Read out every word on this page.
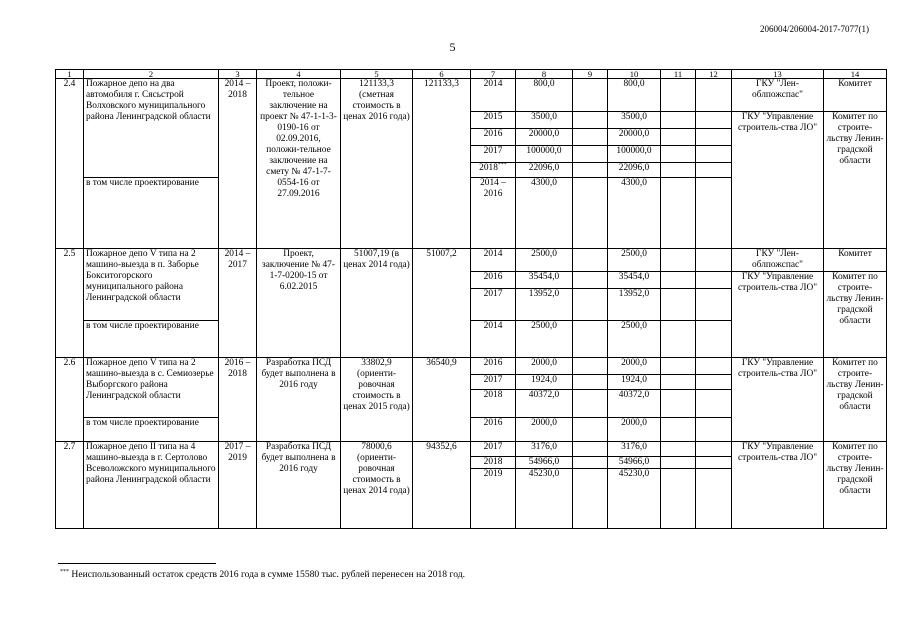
206004/206004-2017-7077(1)
5
1	2	3	4	5	6	7	8	9	10	11	12	13	14
2.4	Пожарное депо на два автомобиля г. Сясьстрой Волховского муниципального района Ленинградской области	2014 – 2018	Проект, положи-тельное заключение на проект № 47-1-1-3-0190-16 от 02.09.2016, положи-тельное заключение на смету № 47-1-7-0554-16 от 27.09.2016	121133,3 (сметная стоимость в ценах 2016 года)	121133,3	2014	800,0		800,0			ГКУ "Лен-облпожспас"	Комитет
						2015	3500,0		3500,0			ГКУ "Управление строитель-ства ЛО"	Комитет по строите-льству Ленин-градской области
						2016	20000,0		20000,0				
						2017	100000,0		100000,0				
						2018***	22096,0		22096,0				
	в том числе проектирование					2014 – 2016	4300,0		4300,0				
2.5	Пожарное депо V типа на 2 машино-выезда в п. Заборье Бокситогорского муниципального района Ленинградской области	2014 – 2017	Проект, заключение № 47-1-7-0200-15 от 6.02.2015	51007,19 (в ценах 2014 года)	51007,2	2014	2500,0		2500,0			ГКУ "Лен-облпожспас"	Комитет
						2016	35454,0		35454,0			ГКУ "Управление строитель-ства ЛО"	Комитет по строите-льству Ленин-градской области
						2017	13952,0		13952,0				
	в том числе проектирование					2014	2500,0		2500,0				
2.6	Пожарное депо V типа на 2 машино-выезда в с. Семиозерье Выборгского района Ленинградской области	2016 – 2018	Разработка ПСД будет выполнена в 2016 году	33802,9 (ориенти-ровочная стоимость в ценах 2015 года)	36540,9	2016	2000,0		2000,0			ГКУ "Управление строитель-ства ЛО"	Комитет по строите-льству Ленин-градской области
						2017	1924,0		1924,0				
						2018	40372,0		40372,0				
	в том числе проектирование					2016	2000,0		2000,0				
2.7	Пожарное депо II типа на 4 машино-выезда в г. Сертолово Всеволожского муниципального района Ленинградской области	2017 – 2019	Разработка ПСД будет выполнена в 2016 году	78000,6 (ориенти-ровочная стоимость в ценах 2014 года)	94352,6	2017	3176,0		3176,0			ГКУ "Управление строитель-ства ЛО"	Комитет по строите-льству Ленин-градской области
						2018	54966,0		54966,0				
						2019	45230,0		45230,0				
*** Неиспользованный остаток средств 2016 года в сумме 15580 тыс. рублей перенесен на 2018 год.
